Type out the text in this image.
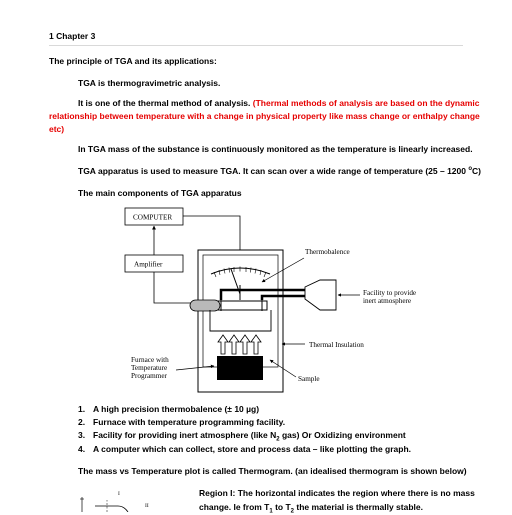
1 Chapter 3
The principle of TGA and its applications:
TGA is thermogravimetric analysis.
It is one of the thermal method of analysis. (Thermal methods of analysis are based on the dynamic
relationship between temperature with a change in physical property like mass change or enthalpy change
etc)
In TGA mass of the substance is continuously monitored as the temperature is linearly increased.
TGA apparatus is used to measure TGA. It can scan over a wide range of temperature (25 – 1200 $^o$C)
The main components of TGA apparatus
COMPUTER
Amplifier
Thermobalence
Facility to provide
inert atmosphere
Thermal Insulation
Furnace with
Temperature
Programmer	Sample
I
II
1. A high precision thermobalence (± 10 µg)
2. Furnace with temperature programming facility.
3. Facility for providing inert atmosphere (like $N_2$ gas) Or Oxidizing environment
4. A computer which can collect, store and process data – like plotting the graph.
The mass vs Temperature plot is called Thermogram. (an idealised thermogram is shown below)
Region I: The horizontal indicates the region where there is no mass
change. Ie from $T_1$ to $T_2$ the material is thermally stable.
